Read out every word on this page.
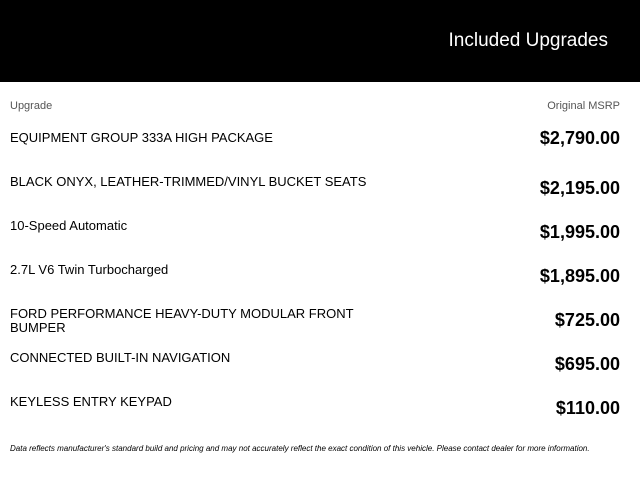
Included Upgrades
Upgrade	Original MSRP
EQUIPMENT GROUP 333A HIGH PACKAGE	$2,790.00
BLACK ONYX, LEATHER-TRIMMED/VINYL BUCKET SEATS	$2,195.00
10-Speed Automatic	$1,995.00
2.7L V6 Twin Turbocharged	$1,895.00
FORD PERFORMANCE HEAVY-DUTY MODULAR FRONT BUMPER	$725.00
CONNECTED BUILT-IN NAVIGATION	$695.00
KEYLESS ENTRY KEYPAD	$110.00
Data reflects manufacturer's standard build and pricing and may not accurately reflect the exact condition of this vehicle. Please contact dealer for more information.
